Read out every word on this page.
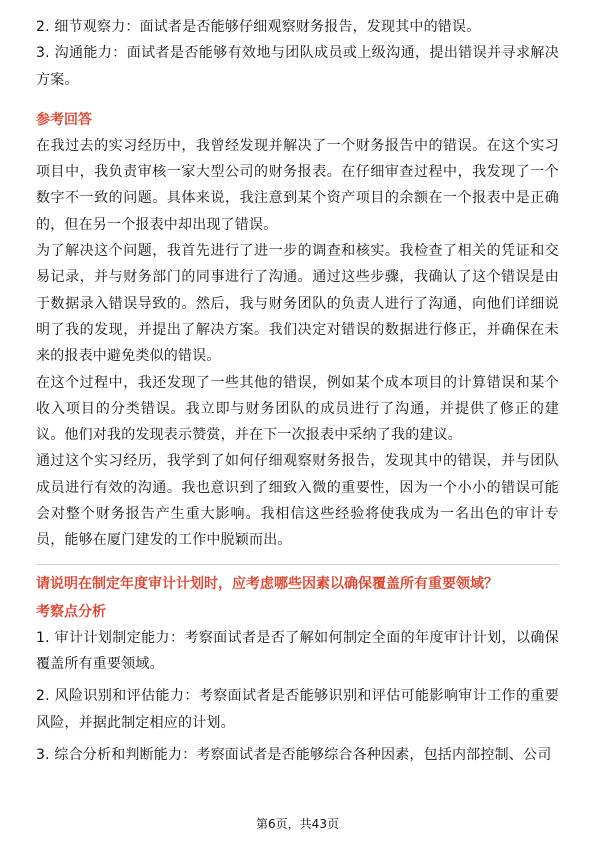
2. 细节观察力：面试者是否能够仔细观察财务报告，发现其中的错误。

3. 沟通能力：面试者是否能够有效地与团队成员或上级沟通，提出错误并寻求解决方案。

参考回答

在我过去的实习经历中，我曾经发现并解决了一个财务报告中的错误。在这个实习项目中，我负责审核一家大型公司的财务报表。在仔细审查过程中，我发现了一个数字不一致的问题。具体来说，我注意到某个资产项目的余额在一个报表中是正确的，但在另一个报表中却出现了错误。

为了解决这个问题，我首先进行了进一步的调查和核实。我检查了相关的凭证和交易记录，并与财务部门的同事进行了沟通。通过这些步骤，我确认了这个错误是由于数据录入错误导致的。然后，我与财务团队的负责人进行了沟通，向他们详细说明了我的发现，并提出了解决方案。我们决定对错误的数据进行修正，并确保在未来的报表中避免类似的错误。

在这个过程中，我还发现了一些其他的错误，例如某个成本项目的计算错误和某个收入项目的分类错误。我立即与财务团队的成员进行了沟通，并提供了修正的建议。他们对我的发现表示赞赏，并在下一次报表中采纳了我的建议。

通过这个实习经历，我学到了如何仔细观察财务报告，发现其中的错误，并与团队成员进行有效的沟通。我也意识到了细致入微的重要性，因为一个小小的错误可能会对整个财务报告产生重大影响。我相信这些经验将使我成为一名出色的审计专员，能够在厦门建发的工作中脱颖而出。

请说明在制定年度审计计划时，应考虑哪些因素以确保覆盖所有重要领域？

考察点分析

1. 审计计划制定能力：考察面试者是否了解如何制定全面的年度审计计划，以确保覆盖所有重要领域。

2. 风险识别和评估能力：考察面试者是否能够识别和评估可能影响审计工作的重要风险，并据此制定相应的计划。

3. 综合分析和判断能力：考察面试者是否能够综合各种因素，包括内部控制、公司

第6页，共43页
